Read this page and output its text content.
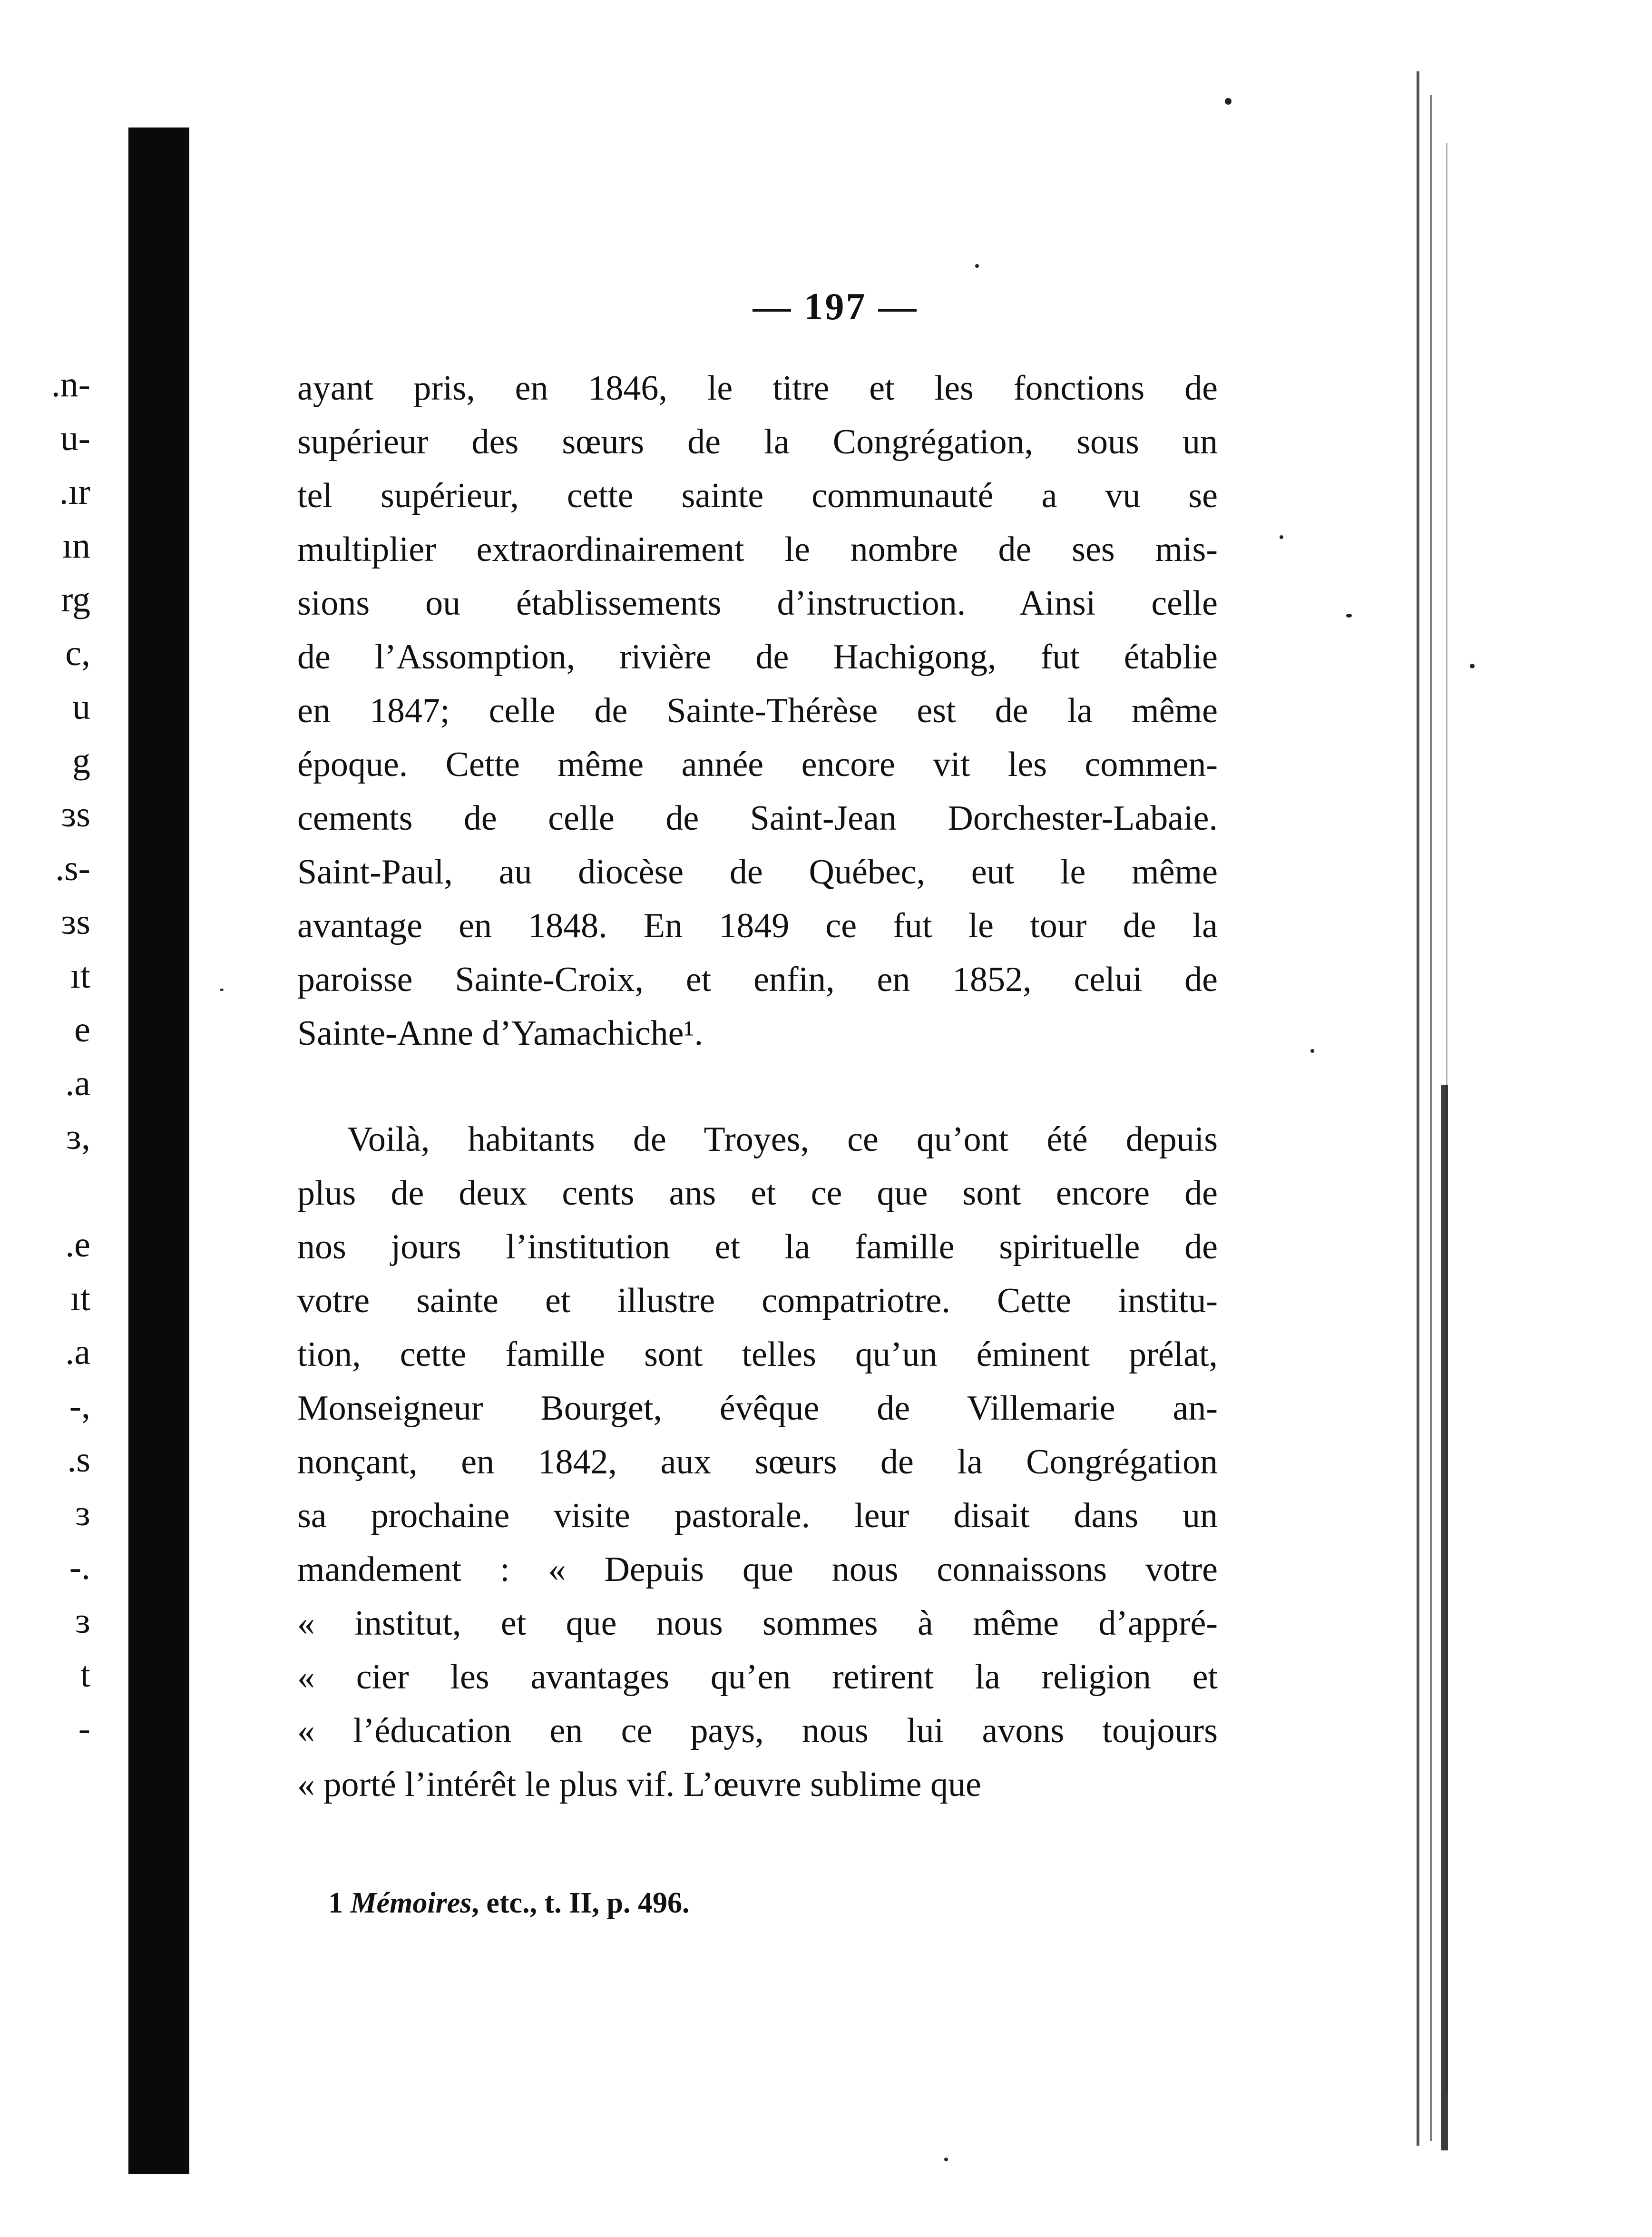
.n-
u-
.ır
ın
rg
c,
u
g
ɜs
.s-
ɜs
ıt
e
.a
ɜ,
.e
ıt
.a
-,
.s
ɜ
-.
ɜ
t
-
— 197 —
ayant pris, en 1846, le titre et les fonctions de
supérieur des sœurs de la Congrégation, sous un
tel supérieur, cette sainte communauté a vu se
multiplier extraordinairement le nombre de ses mis-
sions ou établissements d’instruction. Ainsi celle
de l’Assomption, rivière de Hachigong, fut établie
en 1847; celle de Sainte-Thérèse est de la même
époque. Cette même année encore vit les commen-
cements de celle de Saint-Jean Dorchester-Labaie.
Saint-Paul, au diocèse de Québec, eut le même
avantage en 1848. En 1849 ce fut le tour de la
paroisse Sainte-Croix, et enfin, en 1852, celui de
Sainte-Anne d’Yamachiche¹.
Voilà, habitants de Troyes, ce qu’ont été depuis
plus de deux cents ans et ce que sont encore de
nos jours l’institution et la famille spirituelle de
votre sainte et illustre compatriotre. Cette institu-
tion, cette famille sont telles qu’un éminent prélat,
Monseigneur Bourget, évêque de Villemarie an-
nonçant, en 1842, aux sœurs de la Congrégation
sa prochaine visite pastorale. leur disait dans un
mandement : « Depuis que nous connaissons votre
« institut, et que nous sommes à même d’appré-
« cier les avantages qu’en retirent la religion et
« l’éducation en ce pays, nous lui avons toujours
« porté l’intérêt le plus vif. L’œuvre sublime que
1 Mémoires, etc., t. II, p. 496.
